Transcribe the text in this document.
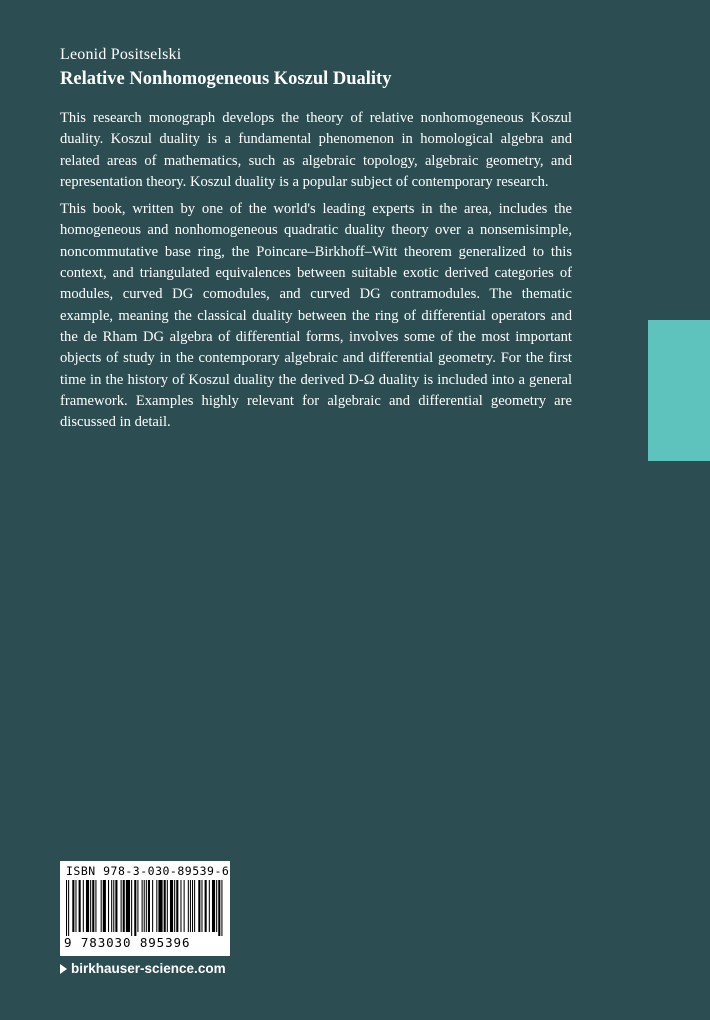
Leonid Positselski
Relative Nonhomogeneous Koszul Duality

This research monograph develops the theory of relative nonhomogeneous Koszul duality. Koszul duality is a fundamental phenomenon in homological algebra and related areas of mathematics, such as algebraic topology, algebraic geometry, and representation theory. Koszul duality is a popular subject of contemporary research.

This book, written by one of the world's leading experts in the area, includes the homogeneous and nonhomogeneous quadratic duality theory over a nonsemisimple, noncommutative base ring, the Poincare–Birkhoff–Witt theorem generalized to this context, and triangulated equivalences between suitable exotic derived categories of modules, curved DG comodules, and curved DG contramodules. The thematic example, meaning the classical duality between the ring of differential operators and the de Rham DG algebra of differential forms, involves some of the most important objects of study in the contemporary algebraic and differential geometry. For the first time in the history of Koszul duality the derived D-Ω duality is included into a general framework. Examples highly relevant for algebraic and differential geometry are discussed in detail.

ISBN 978-3-030-89539-6
9 783030 895396
birkhauser-science.com
